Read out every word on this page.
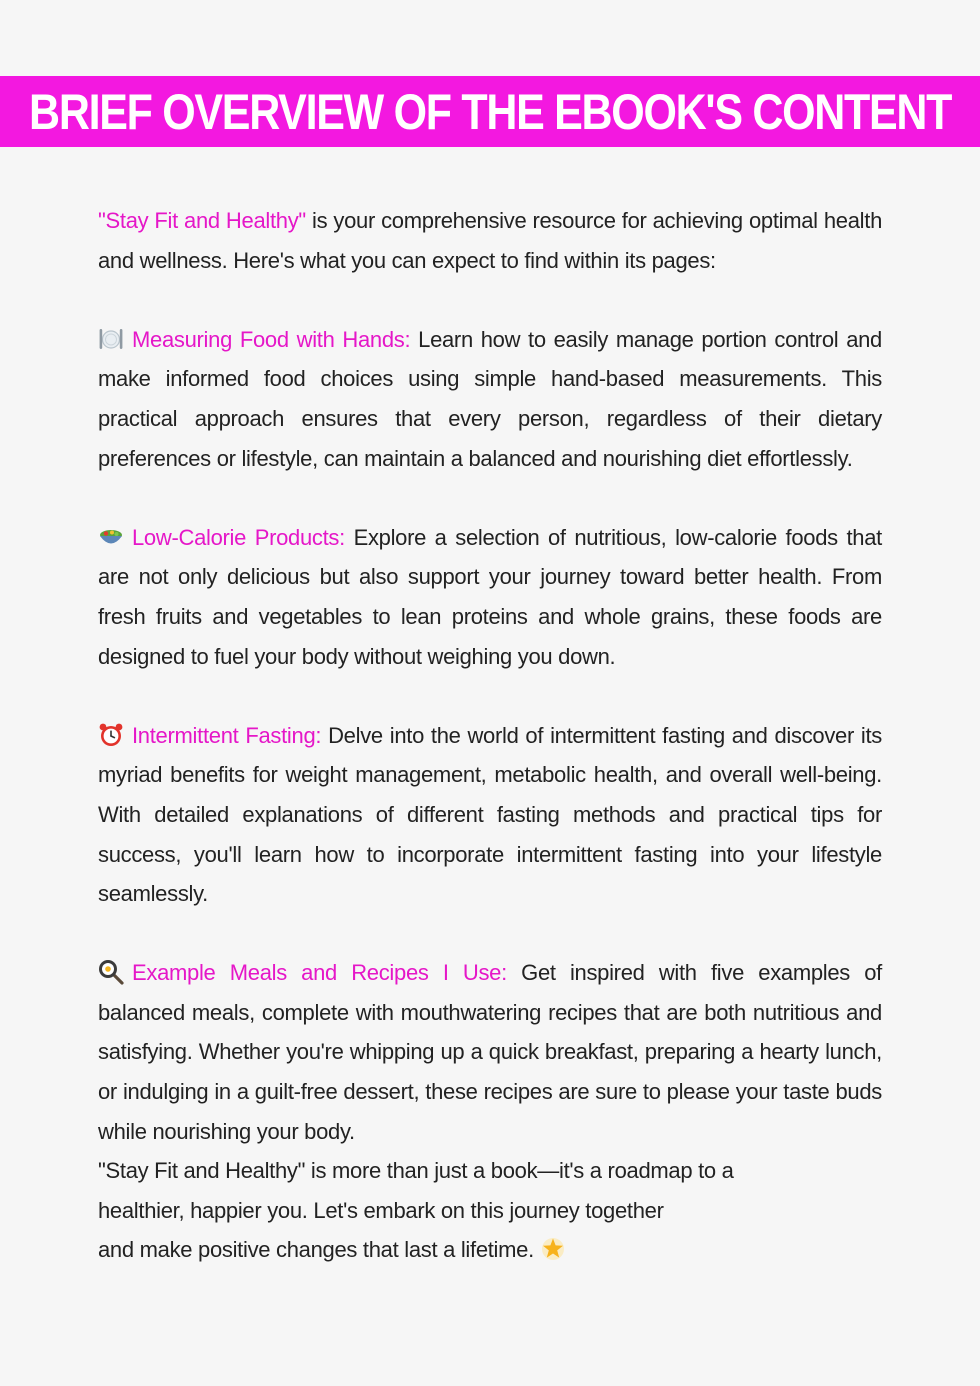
BRIEF OVERVIEW OF THE EBOOK'S CONTENT

"Stay Fit and Healthy" is your comprehensive resource for achieving optimal health and wellness. Here's what you can expect to find within its pages:

Measuring Food with Hands: Learn how to easily manage portion control and make informed food choices using simple hand-based measurements. This practical approach ensures that every person, regardless of their dietary preferences or lifestyle, can maintain a balanced and nourishing diet effortlessly.

Low-Calorie Products: Explore a selection of nutritious, low-calorie foods that are not only delicious but also support your journey toward better health. From fresh fruits and vegetables to lean proteins and whole grains, these foods are designed to fuel your body without weighing you down.

Intermittent Fasting: Delve into the world of intermittent fasting and discover its myriad benefits for weight management, metabolic health, and overall well-being. With detailed explanations of different fasting methods and practical tips for success, you'll learn how to incorporate intermittent fasting into your lifestyle seamlessly.

Example Meals and Recipes I Use: Get inspired with five examples of balanced meals, complete with mouthwatering recipes that are both nutritious and satisfying. Whether you're whipping up a quick breakfast, preparing a hearty lunch, or indulging in a guilt-free dessert, these recipes are sure to please your taste buds while nourishing your body.

"Stay Fit and Healthy" is more than just a book—it's a roadmap to a

healthier, happier you. Let's embark on this journey together

and make positive changes that last a lifetime.
